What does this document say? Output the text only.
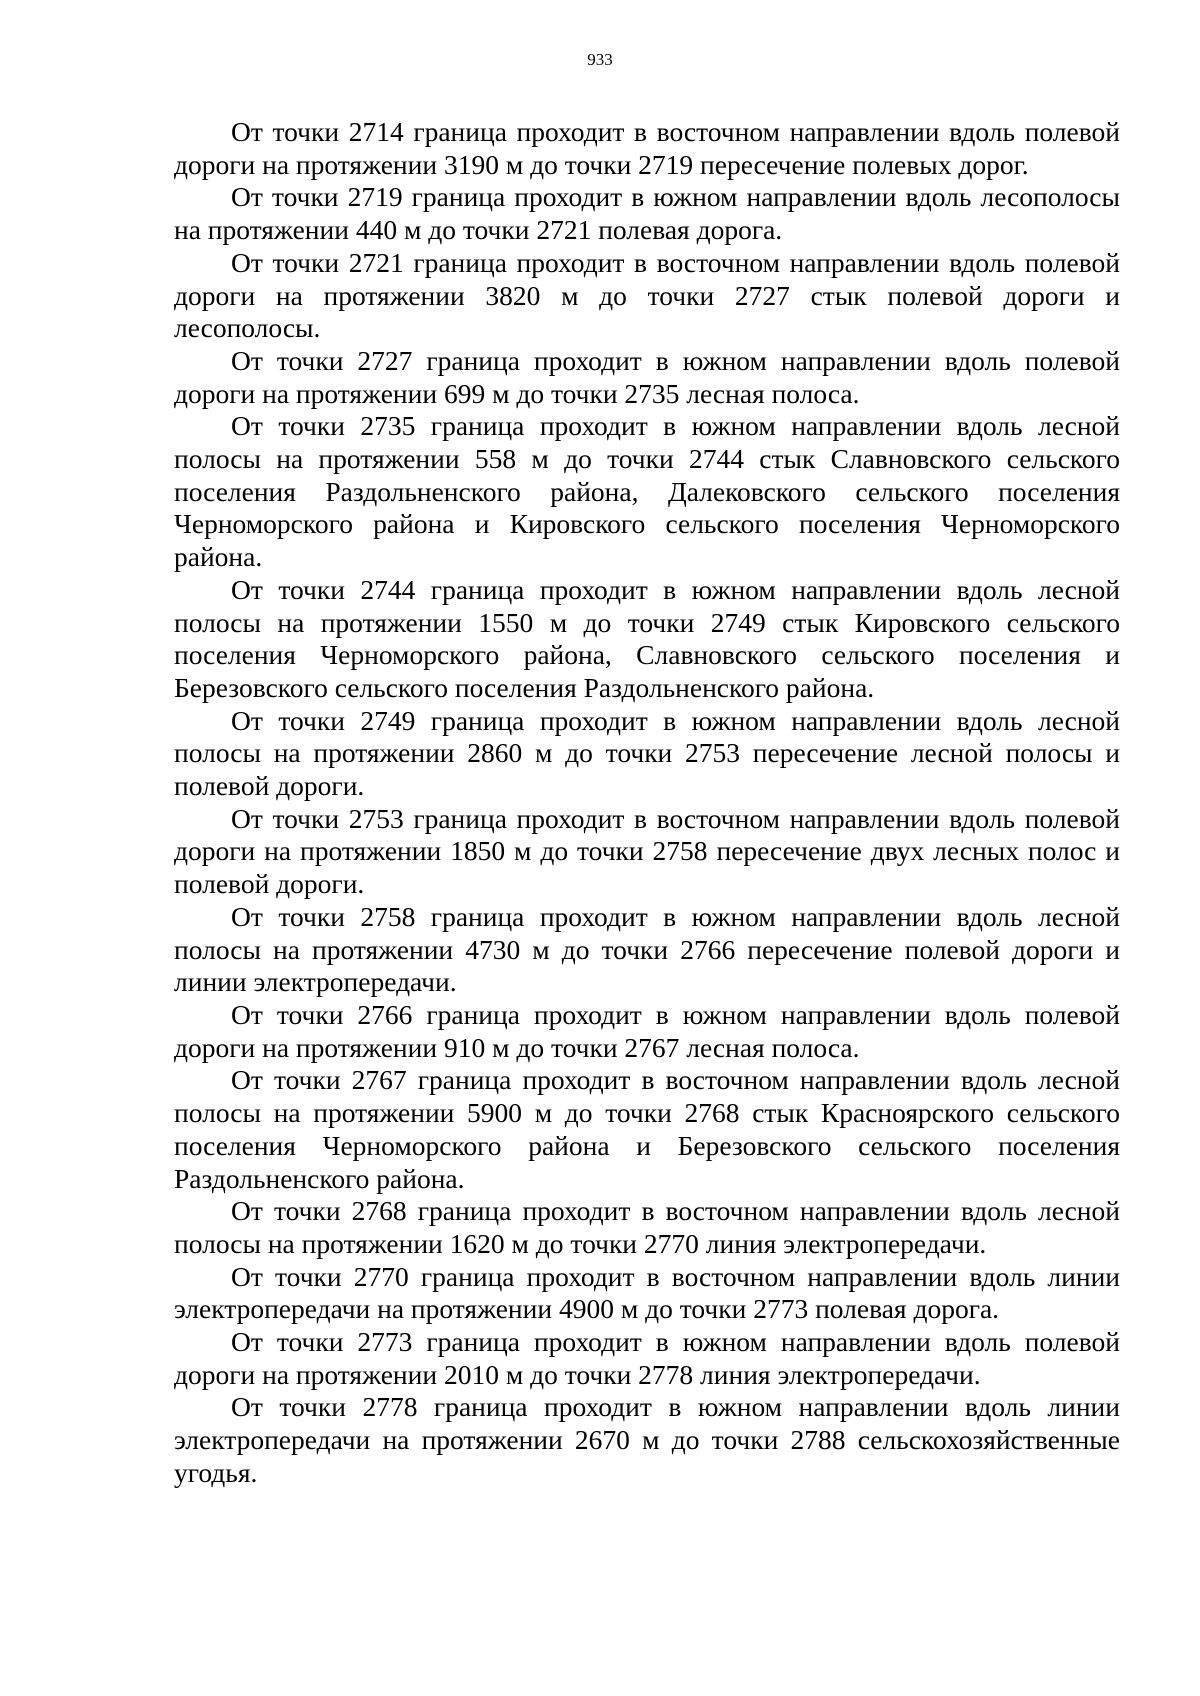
933

От точки 2714 граница проходит в восточном направлении вдоль полевой дороги на протяжении 3190 м до точки 2719 пересечение полевых дорог.

От точки 2719 граница проходит в южном направлении вдоль лесополосы на протяжении 440 м до точки 2721 полевая дорога.

От точки 2721 граница проходит в восточном направлении вдоль полевой дороги на протяжении 3820 м до точки 2727 стык полевой дороги и лесополосы.

От точки 2727 граница проходит в южном направлении вдоль полевой дороги на протяжении 699 м до точки 2735 лесная полоса.

От точки 2735 граница проходит в южном направлении вдоль лесной полосы на протяжении 558 м до точки 2744 стык Славновского сельского поселения Раздольненского района, Далековского сельского поселения Черноморского района и Кировского сельского поселения Черноморского района.

От точки 2744 граница проходит в южном направлении вдоль лесной полосы на протяжении 1550 м до точки 2749 стык Кировского сельского поселения Черноморского района, Славновского сельского поселения и Березовского сельского поселения Раздольненского района.

От точки 2749 граница проходит в южном направлении вдоль лесной полосы на протяжении 2860 м до точки 2753 пересечение лесной полосы и полевой дороги.

От точки 2753 граница проходит в восточном направлении вдоль полевой дороги на протяжении 1850 м до точки 2758 пересечение двух лесных полос и полевой дороги.

От точки 2758 граница проходит в южном направлении вдоль лесной полосы на протяжении 4730 м до точки 2766 пересечение полевой дороги и линии электропередачи.

От точки 2766 граница проходит в южном направлении вдоль полевой дороги на протяжении 910 м до точки 2767 лесная полоса.

От точки 2767 граница проходит в восточном направлении вдоль лесной полосы на протяжении 5900 м до точки 2768 стык Красноярского сельского поселения Черноморского района и Березовского сельского поселения Раздольненского района.

От точки 2768 граница проходит в восточном направлении вдоль лесной полосы на протяжении 1620 м до точки 2770 линия электропередачи.

От точки 2770 граница проходит в восточном направлении вдоль линии электропередачи на протяжении 4900 м до точки 2773 полевая дорога.

От точки 2773 граница проходит в южном направлении вдоль полевой дороги на протяжении 2010 м до точки 2778 линия электропередачи.

От точки 2778 граница проходит в южном направлении вдоль линии электропередачи на протяжении 2670 м до точки 2788 сельскохозяйственные угодья.
